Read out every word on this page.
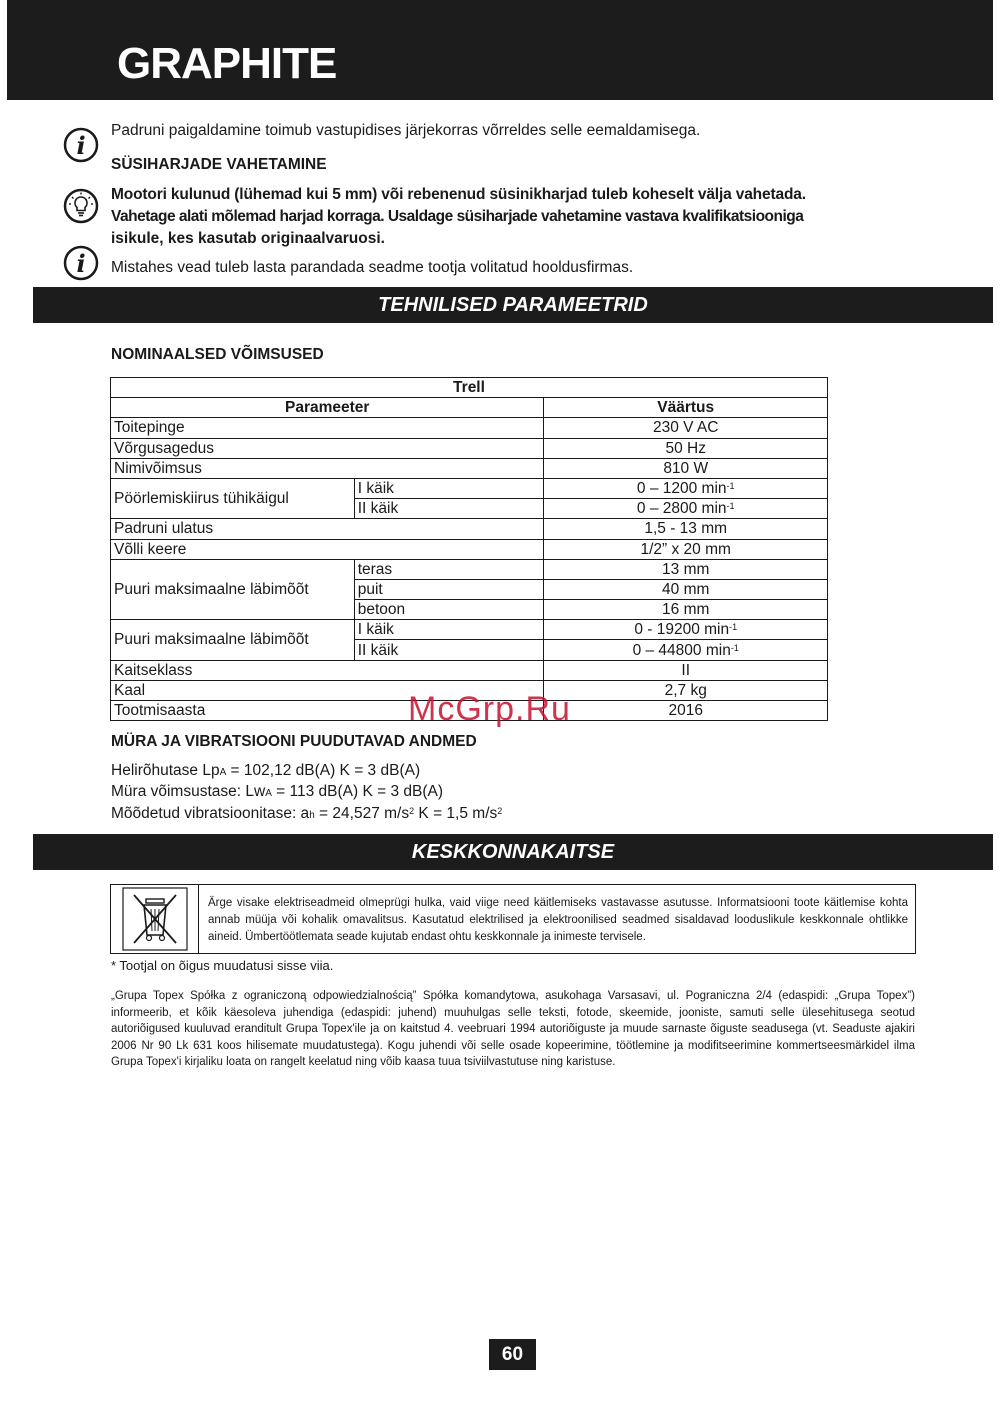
GRAPHITE
i
Padruni paigaldamine toimub vastupidises järjekorras võrreldes selle eemaldamisega.
SÜSIHARJADE VAHETAMINE
Mootori kulunud (lühemad kui 5 mm) või rebenenud süsinikharjad tuleb koheselt välja vahetada.
Vahetage alati mõlemad harjad korraga. Usaldage süsiharjade vahetamine vastava kvalifikatsiooniga
isikule, kes kasutab originaalvaruosi.
i Mistahes vead tuleb lasta parandada seadme tootja volitatud hooldusfirmas.
TEHNILISED PARAMEETRID
NOMINAALSED VÕIMSUSED
Trell		
Parameeter		Väärtus
Toitepinge		230 V AC
Võrgusagedus		50 Hz
Nimivõimsus		810 W
Pöörlemiskiirus tühikäigul	I käik	0 – 1200 $\min^{-1}$
	II käik	0 – 2800 $\min^{-1}$
Padruni ulatus		1,5 - 13 mm
Võlli keere		1/2” x 20 mm
Puuri maksimaalne läbimõõt	teras	13 mm
	puit	40 mm
	betoon	16 mm
Puuri maksimaalne läbimõõt	I käik	0 - 19200 $\min^{-1}$
	II käik	0 – 44800 $\min^{-1}$
Kaitseklass		II
Kaal		2,7 kg
Tootmisaasta		2016
McGrp.Ru
MÜRA JA VIBRATSIOONI PUUDUTAVAD ANDMED
Helirõhutase LpA = 102,12 dB(A) K = 3 dB(A)
Müra võimsustase: LwA = 113 dB(A) K = 3 dB(A)
Mõõdetud vibratsioonitase: ah = 24,527 $m/s^2$ K = 1,5 $m/s^2$
KESKKONNAKAITSE
Ärge visake elektriseadmeid olmeprügi hulka, vaid viige need käitlemiseks vastavasse asutusse. Informatsiooni toote käitlemise kohta annab müüja või kohalik omavalitsus. Kasutatud elektrilised ja elektroonilised seadmed sisaldavad looduslikule keskkonnale ohtlikke aineid. Ümbertöötlemata seade kujutab endast ohtu keskkonnale ja inimeste tervisele.
* Tootjal on õigus muudatusi sisse viia.
„Grupa Topex Spółka z ograniczoną odpowiedzialnością” Spółka komandytowa, asukohaga Varsasavi, ul. Pograniczna 2/4 (edaspidi: „Grupa Topex”) informeerib, et kõik käesoleva juhendiga (edaspidi: juhend) muuhulgas selle teksti, fotode, skeemide, jooniste, samuti selle ülesehitusega seotud autoriõigused kuuluvad eranditult Grupa Topex'ile ja on kaitstud 4. veebruari 1994 autoriõiguste ja muude sarnaste õiguste seadusega (vt. Seaduste ajakiri 2006 Nr 90 Lk 631 koos hilisemate muudatustega). Kogu juhendi või selle osade kopeerimine, töötlemine ja modifitseerimine kommertseesmärkidel ilma Grupa Topex'i kirjaliku loata on rangelt keelatud ning võib kaasa tuua tsiviilvastutuse ning karistuse.
60
